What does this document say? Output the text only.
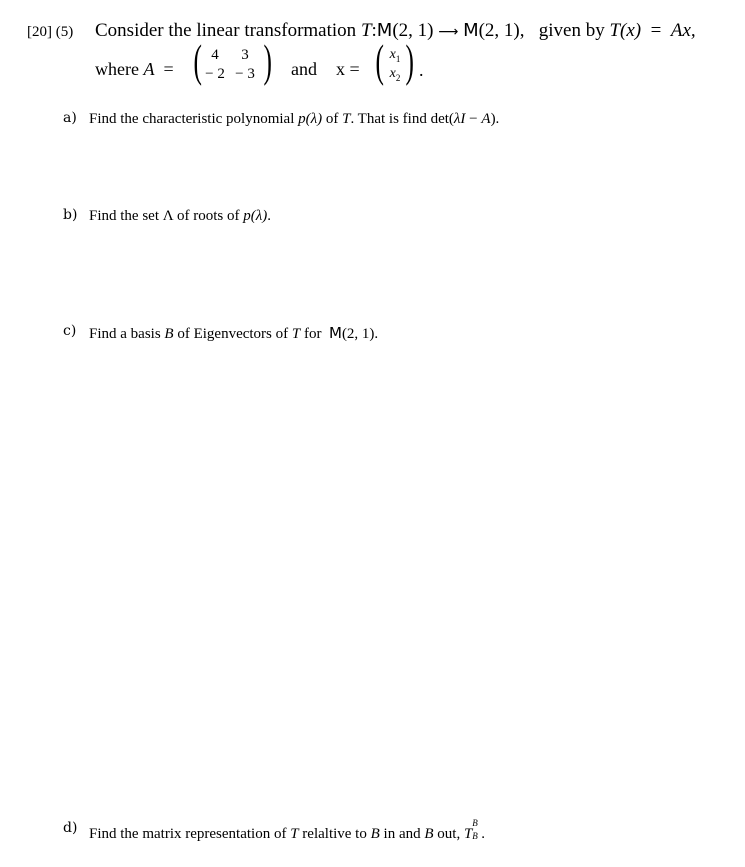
[20] (5) Consider the linear transformation T:M(2, 1) ⟶ M(2, 1), given by T(x) = Ax,
where A = ( 4	3
− 2 − 3 ) and x = ( $x_1$
$x_2$ ) .
a) Find the characteristic polynomial p(λ) of T. That is find det(λI − A).
b) Find the set Λ of roots of p(λ).
c) Find a basis B of Eigenvectors of T for  M(2, 1).
d) Find the matrix representation of T relaltive to B in and B out, T
B
B .
